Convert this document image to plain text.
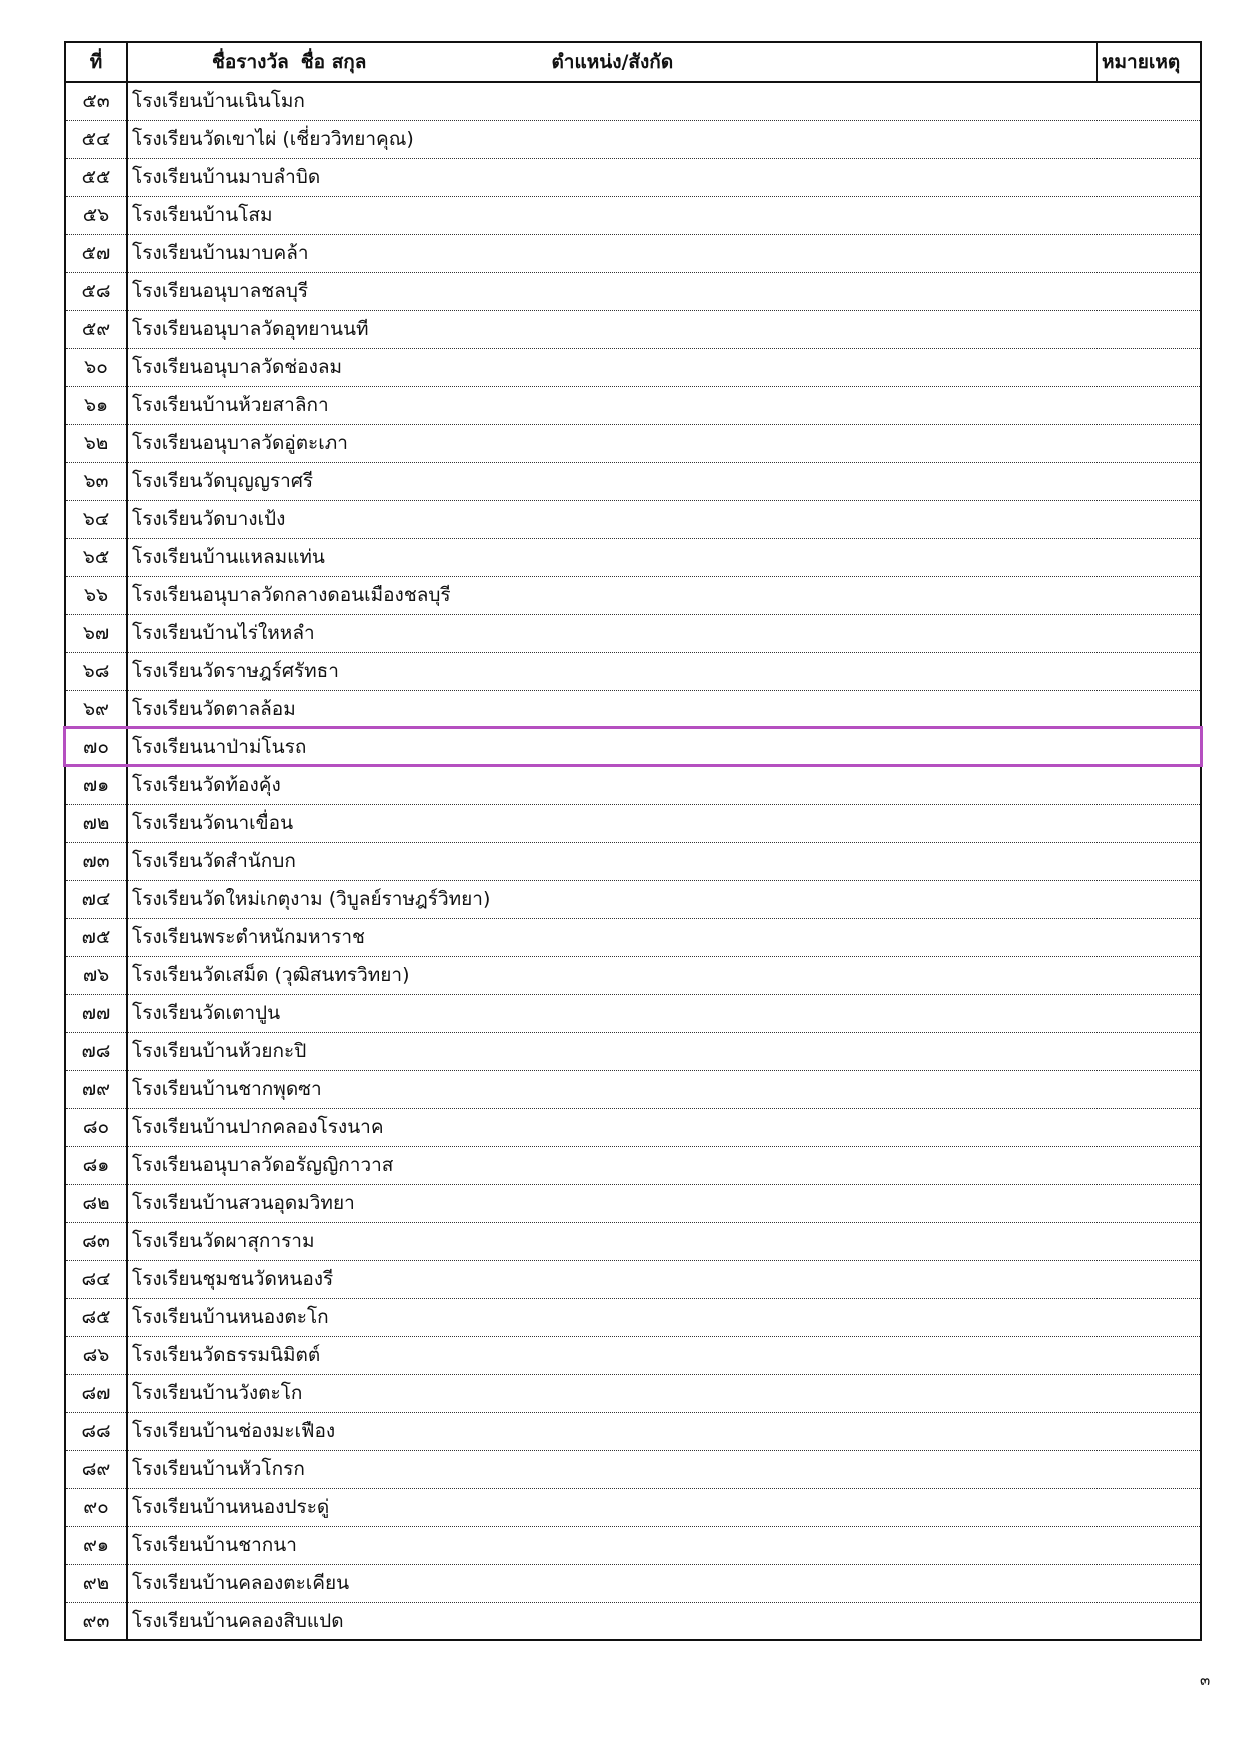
ที่	ชื่อรางวัล ชื่อ สกุล ตำแหน่ง/สังกัด	หมายเหตุ
๕๓	โรงเรียนบ้านเนินโมก	
๕๔	โรงเรียนวัดเขาไผ่ (เชี่ยววิทยาคุณ)	
๕๕	โรงเรียนบ้านมาบลำบิด	
๕๖	โรงเรียนบ้านโสม	
๕๗	โรงเรียนบ้านมาบคล้า	
๕๘	โรงเรียนอนุบาลชลบุรี	
๕๙	โรงเรียนอนุบาลวัดอุทยานนที	
๖๐	โรงเรียนอนุบาลวัดช่องลม	
๖๑	โรงเรียนบ้านห้วยสาลิกา	
๖๒	โรงเรียนอนุบาลวัดอู่ตะเภา	
๖๓	โรงเรียนวัดบุญญราศรี	
๖๔	โรงเรียนวัดบางเป้ง	
๖๕	โรงเรียนบ้านแหลมแท่น	
๖๖	โรงเรียนอนุบาลวัดกลางดอนเมืองชลบุรี	
๖๗	โรงเรียนบ้านไร่ใหหลำ	
๖๘	โรงเรียนวัดราษฎร์ศรัทธา	
๖๙	โรงเรียนวัดตาลล้อม	
๗๐	โรงเรียนนาป่าม่โนรถ	
๗๑	โรงเรียนวัดท้องคุ้ง	
๗๒	โรงเรียนวัดนาเขื่อน	
๗๓	โรงเรียนวัดสำนักบก	
๗๔	โรงเรียนวัดใหม่เกตุงาม (วิบูลย์ราษฎร์วิทยา)	
๗๕	โรงเรียนพระตำหนักมหาราช	
๗๖	โรงเรียนวัดเสม็ด (วุฒิสนทรวิทยา)	
๗๗	โรงเรียนวัดเตาปูน	
๗๘	โรงเรียนบ้านห้วยกะปิ	
๗๙	โรงเรียนบ้านชากพุดซา	
๘๐	โรงเรียนบ้านปากคลองโรงนาค	
๘๑	โรงเรียนอนุบาลวัดอรัญญิกาวาส	
๘๒	โรงเรียนบ้านสวนอุดมวิทยา	
๘๓	โรงเรียนวัดผาสุการาม	
๘๔	โรงเรียนชุมชนวัดหนองรี	
๘๕	โรงเรียนบ้านหนองตะโก	
๘๖	โรงเรียนวัดธรรมนิมิตต์	
๘๗	โรงเรียนบ้านวังตะโก	
๘๘	โรงเรียนบ้านช่องมะเฟือง	
๘๙	โรงเรียนบ้านหัวโกรก	
๙๐	โรงเรียนบ้านหนองประดู่	
๙๑	โรงเรียนบ้านชากนา	
๙๒	โรงเรียนบ้านคลองตะเคียน	
๙๓	โรงเรียนบ้านคลองสิบแปด	
๓
